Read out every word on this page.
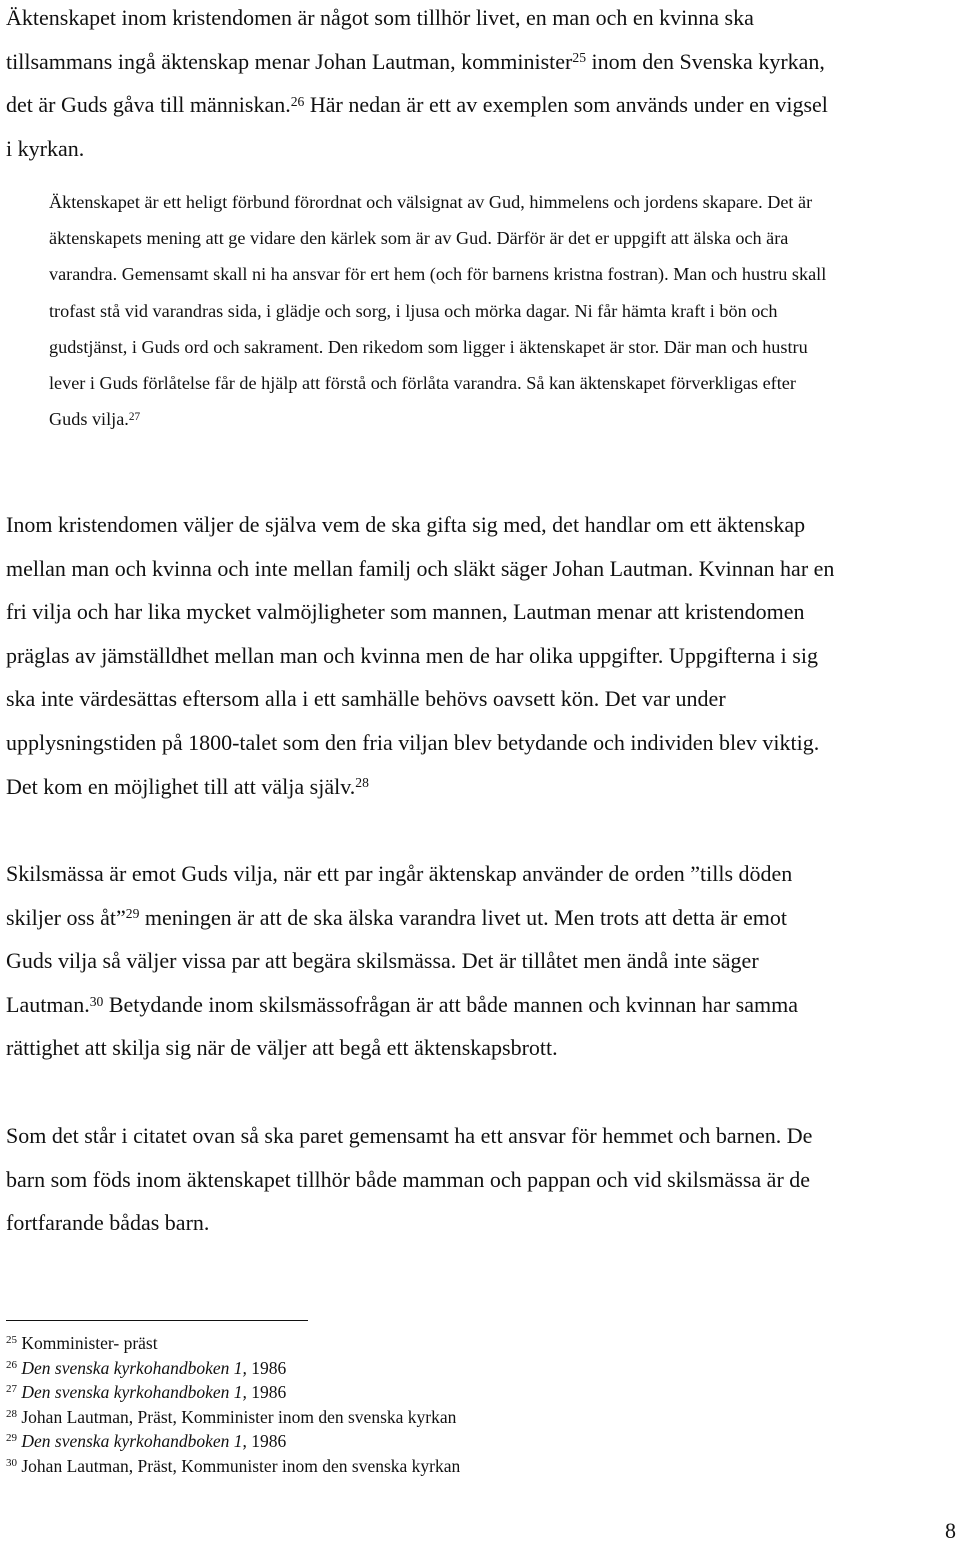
Äktenskapet inom kristendomen är något som tillhör livet, en man och en kvinna ska
tillsammans ingå äktenskap menar Johan Lautman, komminister$^{25}$ inom den Svenska kyrkan,
det är Guds gåva till människan.$^{26}$ Här nedan är ett av exemplen som används under en vigsel
i kyrkan.

Äktenskapet är ett heligt förbund förordnat och välsignat av Gud, himmelens och jordens skapare. Det är
äktenskapets mening att ge vidare den kärlek som är av Gud. Därför är det er uppgift att älska och ära
varandra. Gemensamt skall ni ha ansvar för ert hem (och för barnens kristna fostran). Man och hustru skall
trofast stå vid varandras sida, i glädje och sorg, i ljusa och mörka dagar. Ni får hämta kraft i bön och
gudstjänst, i Guds ord och sakrament. Den rikedom som ligger i äktenskapet är stor. Där man och hustru
lever i Guds förlåtelse får de hjälp att förstå och förlåta varandra. Så kan äktenskapet förverkligas efter
Guds vilja.$^{27}$

Inom kristendomen väljer de själva vem de ska gifta sig med, det handlar om ett äktenskap
mellan man och kvinna och inte mellan familj och släkt säger Johan Lautman. Kvinnan har en
fri vilja och har lika mycket valmöjligheter som mannen, Lautman menar att kristendomen
präglas av jämställdhet mellan man och kvinna men de har olika uppgifter. Uppgifterna i sig
ska inte värdesättas eftersom alla i ett samhälle behövs oavsett kön. Det var under
upplysningstiden på 1800-talet som den fria viljan blev betydande och individen blev viktig.
Det kom en möjlighet till att välja själv.$^{28}$

Skilsmässa är emot Guds vilja, när ett par ingår äktenskap använder de orden ”tills döden
skiljer oss åt”$^{29}$ meningen är att de ska älska varandra livet ut. Men trots att detta är emot
Guds vilja så väljer vissa par att begära skilsmässa. Det är tillåtet men ändå inte säger
Lautman.$^{30}$ Betydande inom skilsmässofrågan är att både mannen och kvinnan har samma
rättighet att skilja sig när de väljer att begå ett äktenskapsbrott.

Som det står i citatet ovan så ska paret gemensamt ha ett ansvar för hemmet och barnen. De
barn som föds inom äktenskapet tillhör både mamman och pappan och vid skilsmässa är de
fortfarande bådas barn.

$^{25}$ Komminister- präst
$^{26}$ Den svenska kyrkohandboken 1, 1986
$^{27}$ Den svenska kyrkohandboken 1, 1986
$^{28}$ Johan Lautman, Präst, Komminister inom den svenska kyrkan
$^{29}$ Den svenska kyrkohandboken 1, 1986
$^{30}$ Johan Lautman, Präst, Kommunister inom den svenska kyrkan
8
